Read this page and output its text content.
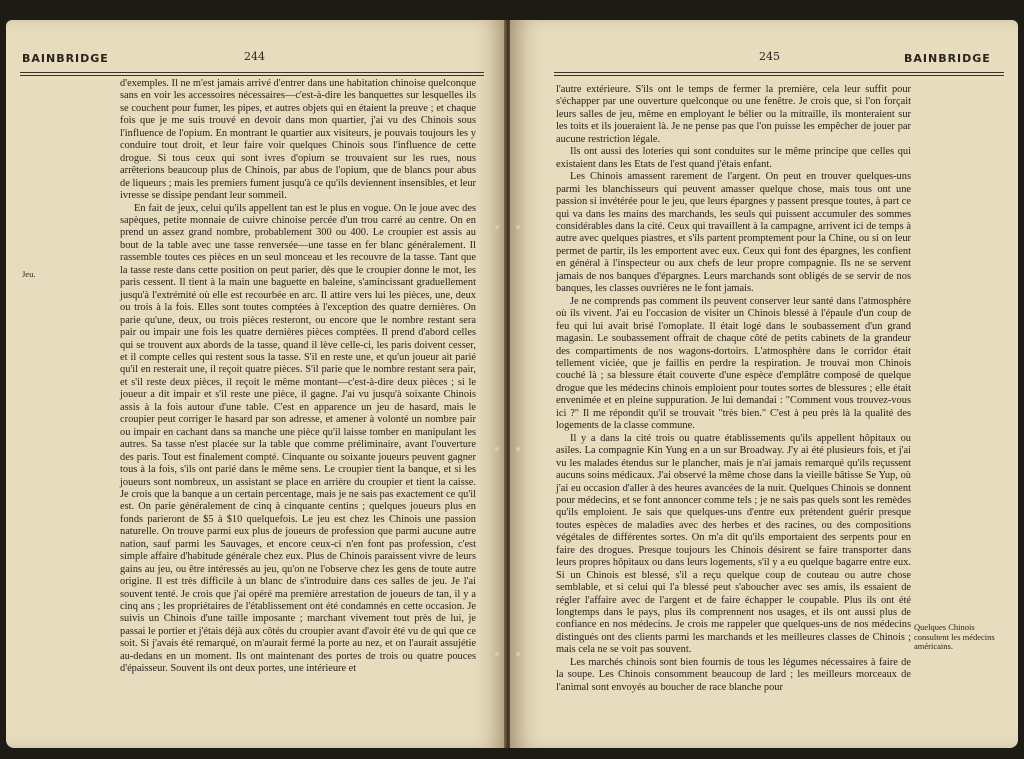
BAINBRIDGE	244
Jeu.

d'exemples. Il ne m'est jamais arrivé d'entrer dans une habitation chinoise quelconque sans en voir les accessoires nécessaires—c'est-à-dire les banquettes sur lesquelles ils se couchent pour fumer, les pipes, et autres objets qui en étaient la preuve ; et chaque fois que je me suis trouvé en devoir dans mon quartier, j'ai vu des Chinois sous l'influence de l'opium. En montrant le quartier aux visiteurs, je pouvais toujours les y conduire tout droit, et leur faire voir quelques Chinois sous l'influence de cette drogue. Si tous ceux qui sont ivres d'opium se trouvaient sur les rues, nous arrêterions beaucoup plus de Chinois, par abus de l'opium, que de blancs pour abus de liqueurs ; mais les premiers fument jusqu'à ce qu'ils deviennent insensibles, et leur ivresse se dissipe pendant leur sommeil.

En fait de jeux, celui qu'ils appellent tan est le plus en vogue. On le joue avec des sapèques, petite monnaie de cuivre chinoise percée d'un trou carré au centre. On en prend un assez grand nombre, probablement 300 ou 400. Le croupier est assis au bout de la table avec une tasse renversée—une tasse en fer blanc généralement. Il rassemble toutes ces pièces en un seul monceau et les recouvre de la tasse. Tant que la tasse reste dans cette position on peut parier, dès que le croupier donne le mot, les paris cessent. Il tient à la main une baguette en baleine, s'amincissant graduellement jusqu'à l'extrémité où elle est recourbée en arc. Il attire vers lui les pièces, une, deux ou trois à la fois. Elles sont toutes comptées à l'exception des quatre dernières. On parie qu'une, deux, ou trois pièces resteront, ou encore que le nombre restant sera pair ou impair une fois les quatre dernières pièces comptées. Il prend d'abord celles qui se trouvent aux abords de la tasse, quand il lève celle-ci, les paris doivent cesser, et il compte celles qui restent sous la tasse. S'il en reste une, et qu'un joueur ait parié qu'il en resterait une, il reçoit quatre pièces. S'il parie que le nombre restant sera pair, et s'il reste deux pièces, il reçoit le même montant—c'est-à-dire deux pièces ; si le joueur a dit impair et s'il reste une pièce, il gagne. J'ai vu jusqu'à soixante Chinois assis à la fois autour d'une table. C'est en apparence un jeu de hasard, mais le croupier peut corriger le hasard par son adresse, et amener à volonté un nombre pair ou impair en cachant dans sa manche une pièce qu'il laisse tomber en manipulant les autres. Sa tasse n'est placée sur la table que comme préliminaire, avant l'ouverture des paris. Tout est finalement compté. Cinquante ou soixante joueurs peuvent gagner tous à la fois, s'ils ont parié dans le même sens. Le croupier tient la banque, et si les joueurs sont nombreux, un assistant se place en arrière du croupier et tient la caisse. Je crois que la banque a un certain percentage, mais je ne sais pas exactement ce qu'il est. On parie généralement de cinq à cinquante centins ; quelques joueurs plus en fonds parieront de $5 à $10 quelquefois. Le jeu est chez les Chinois une passion naturelle. On trouve parmi eux plus de joueurs de profession que parmi aucune autre nation, sauf parmi les Sauvages, et encore ceux-ci n'en font pas profession, c'est simple affaire d'habitude générale chez eux. Plus de Chinois paraissent vivre de leurs gains au jeu, ou être intéressés au jeu, qu'on ne l'observe chez les gens de toute autre origine. Il est très difficile à un blanc de s'introduire dans ces salles de jeu. Je l'ai souvent tenté. Je crois que j'ai opéré ma première arrestation de joueurs de tan, il y a cinq ans ; les propriétaires de l'établissement ont été condamnés en cette occasion. Je suivis un Chinois d'une taille imposante ; marchant vivement tout près de lui, je passai le portier et j'étais déjà aux côtés du croupier avant d'avoir été vu de qui que ce soit. Si j'avais été remarqué, on m'aurait fermé la porte au nez, et on l'aurait assujétie au-dedans en un moment. Ils ont maintenant des portes de trois ou quatre pouces d'épaisseur. Souvent ils ont deux portes, une intérieure et

245	BAINBRIDGE

l'autre extérieure. S'ils ont le temps de fermer la première, cela leur suffit pour s'échapper par une ouverture quelconque ou une fenêtre. Je crois que, si l'on forçait leurs salles de jeu, même en employant le bélier ou la mitraille, ils monteraient sur les toits et ils joueraient là. Je ne pense pas que l'on puisse les empêcher de jouer par aucune restriction légale.

Ils ont aussi des loteries qui sont conduites sur le même principe que celles qui existaient dans les Etats de l'est quand j'étais enfant.

Les Chinois amassent rarement de l'argent. On peut en trouver quelques-uns parmi les blanchisseurs qui peuvent amasser quelque chose, mais tous ont une passion si invétérée pour le jeu, que leurs épargnes y passent presque toutes, à part ce qui va dans les mains des marchands, les seuls qui puissent accumuler des sommes considérables dans la cité. Ceux qui travaillent à la campagne, arrivent ici de temps à autre avec quelques piastres, et s'ils partent promptement pour la Chine, ou si on leur permet de partir, ils les emportent avec eux. Ceux qui font des épargnes, les confient en général à l'inspecteur ou aux chefs de leur propre compagnie. Ils ne se servent jamais de nos banques d'épargnes. Leurs marchands sont obligés de se servir de nos banques, les classes ouvrières ne le font jamais.

Je ne comprends pas comment ils peuvent conserver leur santé dans l'atmosphère où ils vivent. J'ai eu l'occasion de visiter un Chinois blessé à l'épaule d'un coup de feu qui lui avait brisé l'omoplate. Il était logé dans le soubassement d'un grand magasin. Le soubassement offrait de chaque côté de petits cabinets de la grandeur des compartiments de nos wagons-dortoirs. L'atmosphère dans le corridor était tellement viciée, que je faillis en perdre la respiration. Je trouvai mon Chinois couché là ; sa blessure était couverte d'une espèce d'emplâtre composé de quelque drogue que les médecins chinois emploient pour toutes sortes de blessures ; elle était envenimée et en pleine suppuration. Je lui demandai : "Comment vous trouvez-vous ici ?" Il me répondit qu'il se trouvait "très bien." C'est à peu près là la qualité des logements de la classe commune.

Il y a dans la cité trois ou quatre établissements qu'ils appellent hôpitaux ou asiles. La compagnie Kin Yung en a un sur Broadway. J'y ai été plusieurs fois, et j'ai vu les malades étendus sur le plancher, mais je n'ai jamais remarqué qu'ils reçussent aucuns soins médicaux. J'ai observé la même chose dans la vieille bâtisse Se Yup, où j'ai eu occasion d'aller à des heures avancées de la nuit. Quelques Chinois se donnent pour médecins, et se font annoncer comme tels ; je ne sais pas quels sont les remèdes qu'ils emploient. Je sais que quelques-uns d'entre eux prétendent guérir presque toutes espèces de maladies avec des herbes et des racines, ou des compositions végétales de différentes sortes. On m'a dit qu'ils emportaient des serpents pour en faire des drogues. Presque toujours les Chinois désirent se faire transporter dans leurs propres hôpitaux ou dans leurs logements, s'il y a eu quelque bagarre entre eux. Si un Chinois est blessé, s'il a reçu quelque coup de couteau ou autre chose semblable, et si celui qui l'a blessé peut s'aboucher avec ses amis, ils essaient de régler l'affaire avec de l'argent et de faire échapper le coupable. Plus ils ont été longtemps dans le pays, plus ils comprennent nos usages, et ils ont aussi plus de confiance en nos médecins. Je crois me rappeler que quelques-uns de nos médecins distingués ont des clients parmi les marchands et les meilleures classes de Chinois ; mais cela ne se voit pas souvent.

Les marchés chinois sont bien fournis de tous les légumes nécessaires à faire de la soupe. Les Chinois consomment beaucoup de lard ; les meilleurs morceaux de l'animal sont envoyés au boucher de race blanche pour

Quelques Chinois consultent les médecins américains.
